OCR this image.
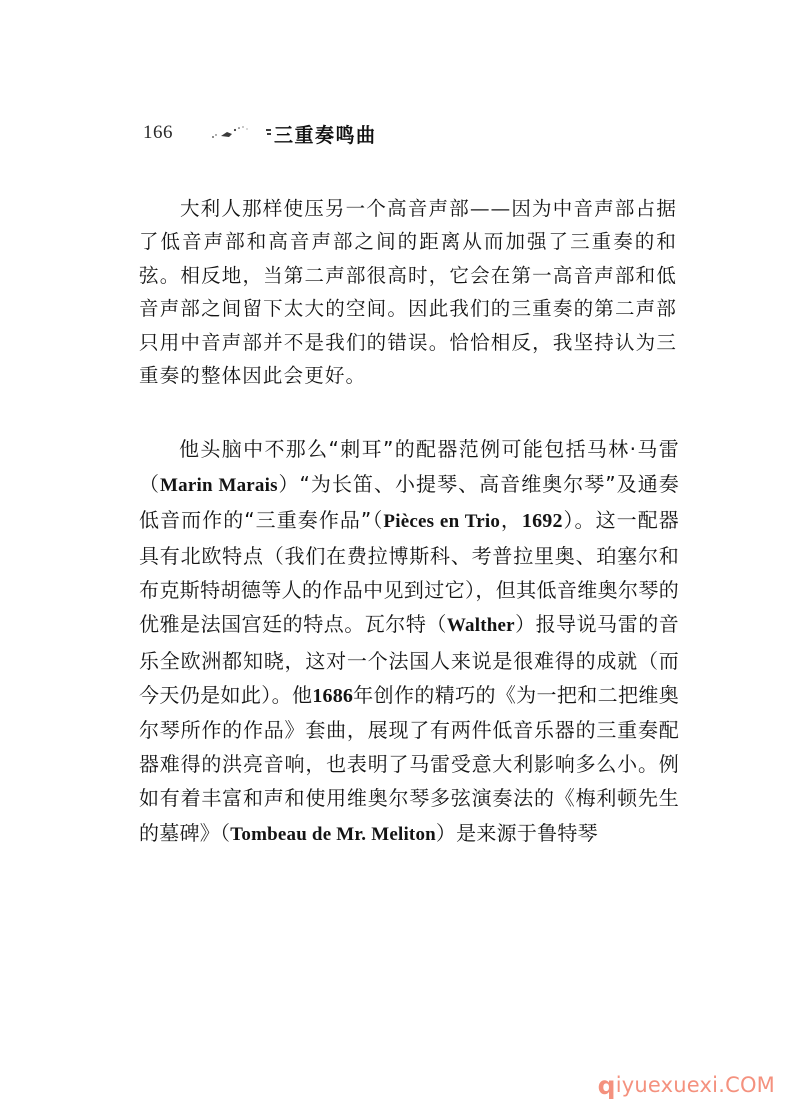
166	三重奏鸣曲

大利人那样使压另一个高音声部——因为中音声部占据了低音声部和高音声部之间的距离从而加强了三重奏的和弦。相反地，当第二声部很高时，它会在第一高音声部和低音声部之间留下太大的空间。因此我们的三重奏的第二声部只用中音声部并不是我们的错误。恰恰相反，我坚持认为三重奏的整体因此会更好。

他头脑中不那么“刺耳”的配器范例可能包括马林·马雷（Marin Marais）“为长笛、小提琴、高音维奥尔琴”及通奏低音而作的“三重奏作品”（Pièces en Trio，1692）。这一配器具有北欧特点（我们在费拉博斯科、考普拉里奥、珀塞尔和布克斯特胡德等人的作品中见到过它），但其低音维奥尔琴的优雅是法国宫廷的特点。瓦尔特（Walther）报导说马雷的音乐全欧洲都知晓，这对一个法国人来说是很难得的成就（而今天仍是如此）。他1686年创作的精巧的《为一把和二把维奥尔琴所作的作品》套曲，展现了有两件低音乐器的三重奏配器难得的洪亮音响，也表明了马雷受意大利影响多么小。例如有着丰富和声和使用维奥尔琴多弦演奏法的《梅利顿先生的墓碑》（Tombeau de Mr. Meliton）是来源于鲁特琴

qiyuexuexi.COM
